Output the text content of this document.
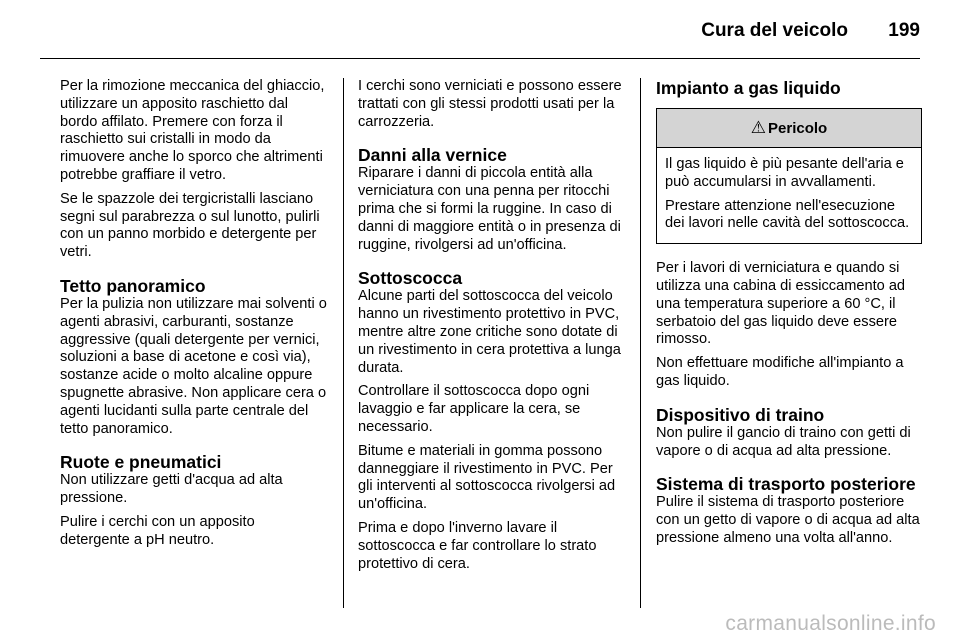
Cura del veicolo 199

Per la rimozione meccanica del ghiaccio, utilizzare un apposito raschietto dal bordo affilato. Premere con forza il raschietto sui cristalli in modo da rimuovere anche lo sporco che altrimenti potrebbe graffiare il vetro.

Se le spazzole dei tergicristalli lasciano segni sul parabrezza o sul lunotto, pulirli con un panno morbido e detergente per vetri.

Tetto panoramico

Per la pulizia non utilizzare mai solventi o agenti abrasivi, carburanti, sostanze aggressive (quali detergente per vernici, soluzioni a base di acetone e così via), sostanze acide o molto alcaline oppure spugnette abrasive. Non applicare cera o agenti lucidanti sulla parte centrale del tetto panoramico.

Ruote e pneumatici

Non utilizzare getti d'acqua ad alta pressione.

Pulire i cerchi con un apposito detergente a pH neutro.

I cerchi sono verniciati e possono essere trattati con gli stessi prodotti usati per la carrozzeria.

Danni alla vernice

Riparare i danni di piccola entità alla verniciatura con una penna per ritocchi prima che si formi la ruggine. In caso di danni di maggiore entità o in presenza di ruggine, rivolgersi ad un'officina.

Sottoscocca

Alcune parti del sottoscocca del veicolo hanno un rivestimento protettivo in PVC, mentre altre zone critiche sono dotate di un rivestimento in cera protettiva a lunga durata.

Controllare il sottoscocca dopo ogni lavaggio e far applicare la cera, se necessario.

Bitume e materiali in gomma possono danneggiare il rivestimento in PVC. Per gli interventi al sottoscocca rivolgersi ad un'officina.

Prima e dopo l'inverno lavare il sottoscocca e far controllare lo strato protettivo di cera.

Impianto a gas liquido
⚠ Pericolo

Il gas liquido è più pesante dell'aria e può accumularsi in avvallamenti.

Prestare attenzione nell'esecuzione dei lavori nelle cavità del sottoscocca.

Per i lavori di verniciatura e quando si utilizza una cabina di essiccamento ad una temperatura superiore a 60 °C, il serbatoio del gas liquido deve essere rimosso.

Non effettuare modifiche all'impianto a gas liquido.

Dispositivo di traino

Non pulire il gancio di traino con getti di vapore o di acqua ad alta pressione.

Sistema di trasporto posteriore

Pulire il sistema di trasporto posteriore con un getto di vapore o di acqua ad alta pressione almeno una volta all'anno.

carmanualsonline.info
